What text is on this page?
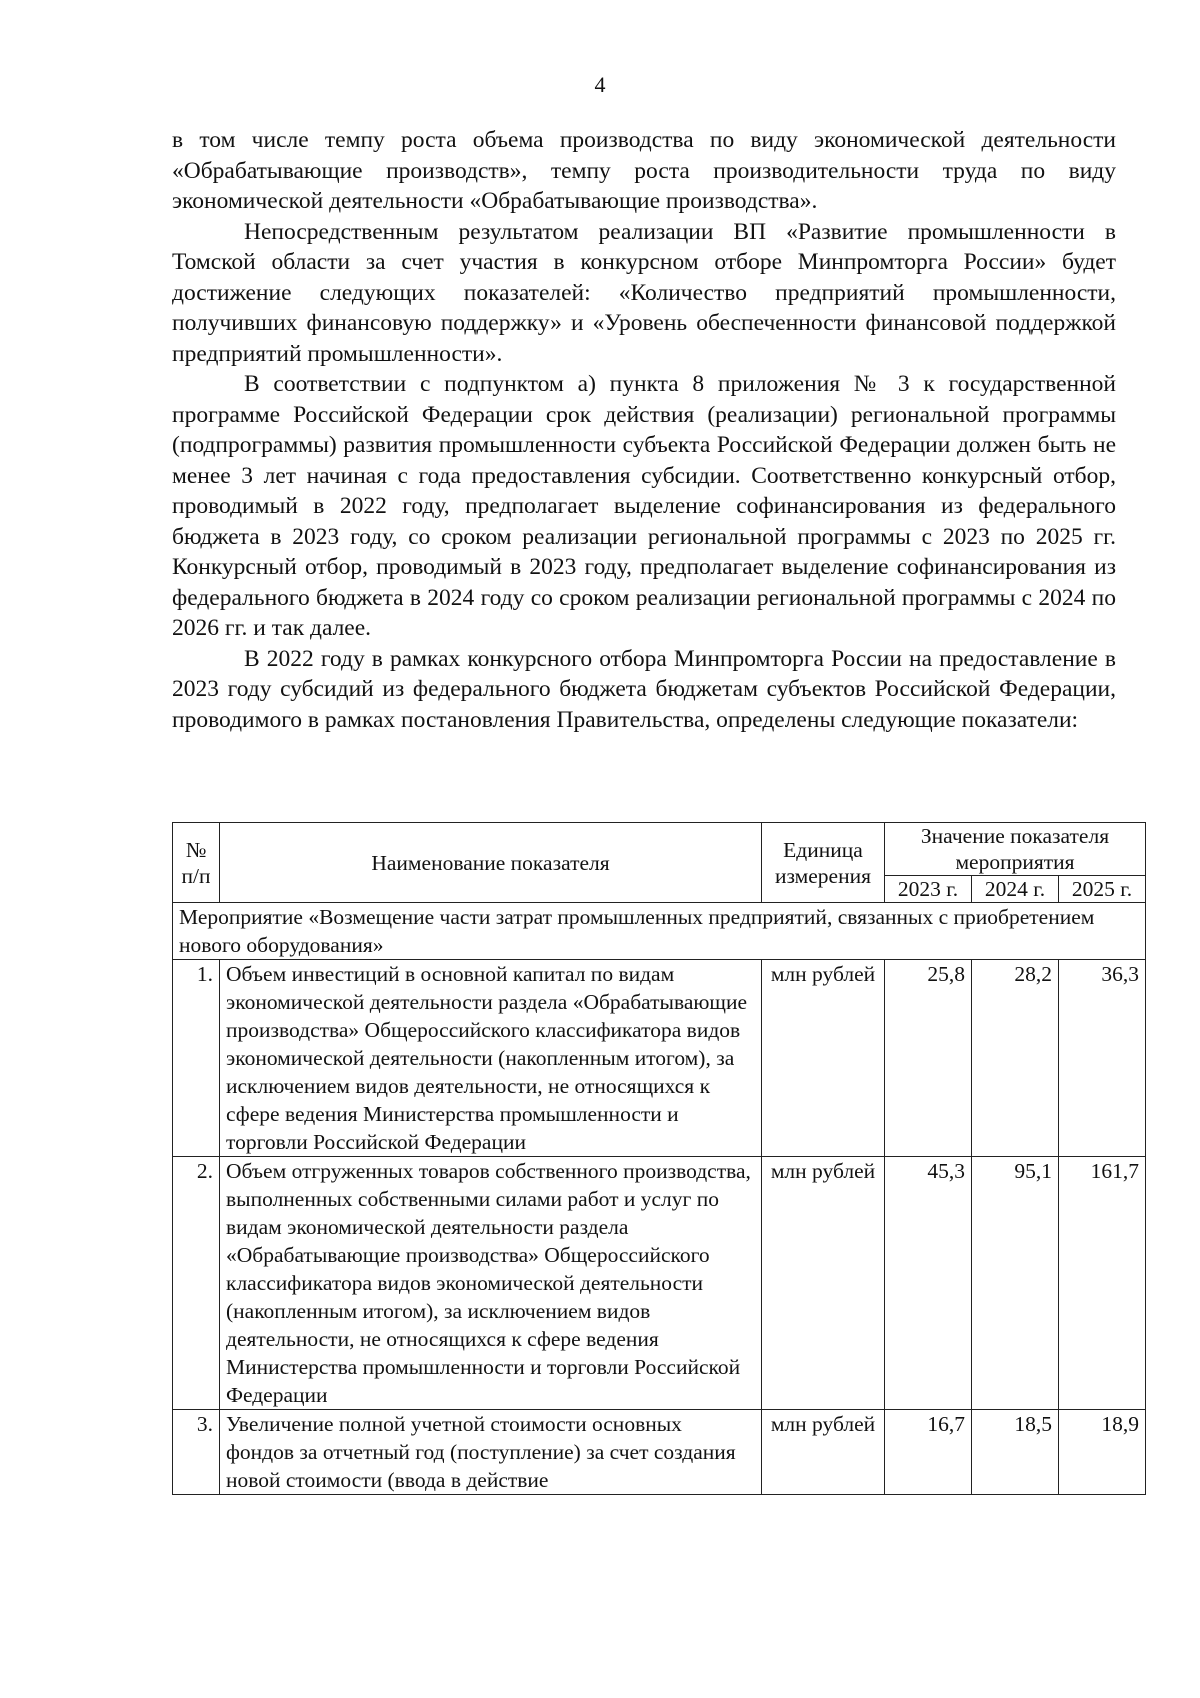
4

в том числе темпу роста объема производства по виду экономической деятельности «Обрабатывающие производств», темпу роста производительности труда по виду экономической деятельности «Обрабатывающие производства».

Непосредственным результатом реализации ВП «Развитие промышленности в Томской области за счет участия в конкурсном отборе Минпромторга России» будет достижение следующих показателей: «Количество предприятий промышленности, получивших финансовую поддержку» и «Уровень обеспеченности финансовой поддержкой предприятий промышленности».

В соответствии с подпунктом а) пункта 8 приложения № 3 к государственной программе Российской Федерации срок действия (реализации) региональной программы (подпрограммы) развития промышленности субъекта Российской Федерации должен быть не менее 3 лет начиная с года предоставления субсидии. Соответственно конкурсный отбор, проводимый в 2022 году, предполагает выделение софинансирования из федерального бюджета в 2023 году, со сроком реализации региональной программы с 2023 по 2025 гг. Конкурсный отбор, проводимый в 2023 году, предполагает выделение софинансирования из федерального бюджета в 2024 году со сроком реализации региональной программы с 2024 по 2026 гг. и так далее.

В 2022 году в рамках конкурсного отбора Минпромторга России на предоставление в 2023 году субсидий из федерального бюджета бюджетам субъектов Российской Федерации, проводимого в рамках постановления Правительства, определены следующие показатели:

№ п/п	Наименование показателя	Единица измерения	Значение показателя мероприятия		
			2023 г.	2024 г.	2025 г.
Мероприятие «Возмещение части затрат промышленных предприятий, связанных с приобретением нового оборудования»					
1.	Объем инвестиций в основной капитал по видам экономической деятельности раздела «Обрабатывающие производства» Общероссийского классификатора видов экономической деятельности (накопленным итогом), за исключением видов деятельности, не относящихся к сфере ведения Министерства промышленности и торговли Российской Федерации	млн рублей	25,8	28,2	36,3
2.	Объем отгруженных товаров собственного производства, выполненных собственными силами работ и услуг по видам экономической деятельности раздела «Обрабатывающие производства» Общероссийского классификатора видов экономической деятельности (накопленным итогом), за исключением видов деятельности, не относящихся к сфере ведения Министерства промышленности и торговли Российской Федерации	млн рублей	45,3	95,1	161,7
3.	Увеличение полной учетной стоимости основных фондов за отчетный год (поступление) за счет создания новой стоимости (ввода в действие	млн рублей	16,7	18,5	18,9
